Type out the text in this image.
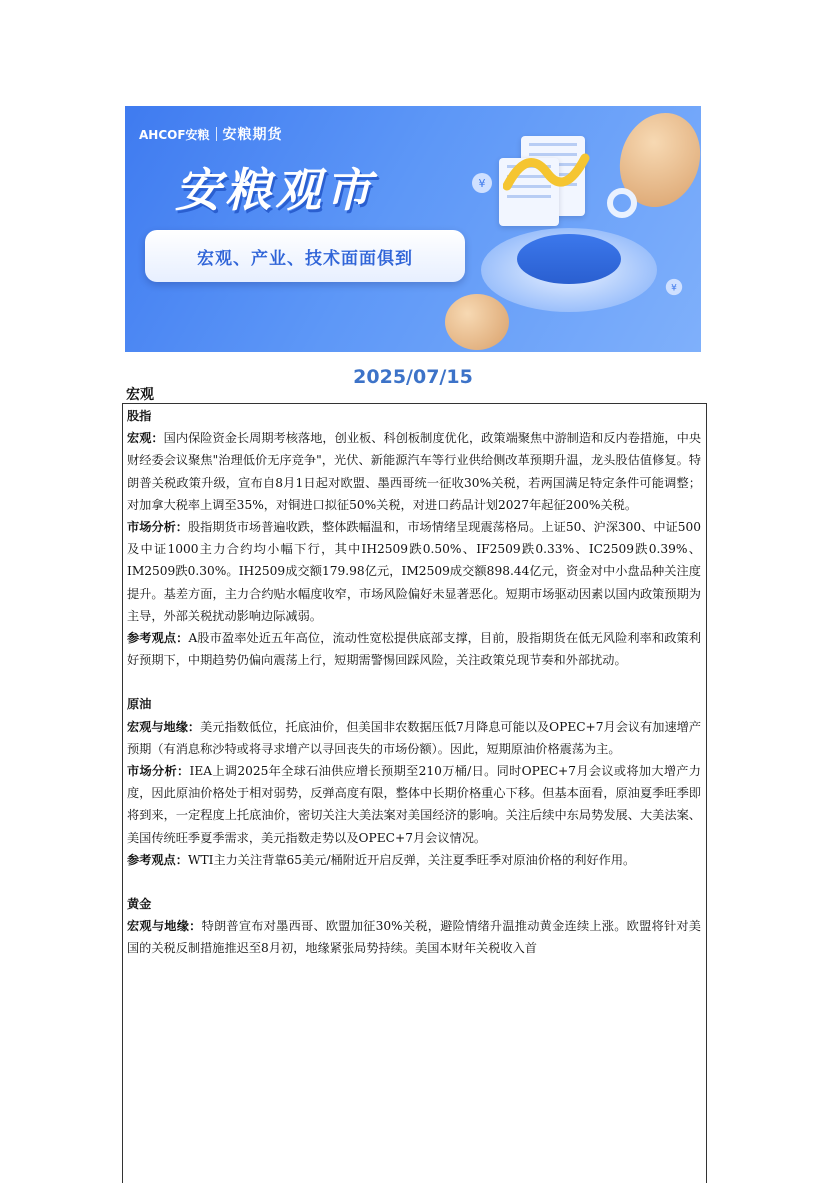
AHCOF安粮 安粮期货
安粮观市
宏观、产业、技术面面俱到
¥
¥
2025/07/15
宏观

股指

宏观：国内保险资金长周期考核落地，创业板、科创板制度优化，政策端聚焦中游制造和反内卷措施，中央财经委会议聚焦"治理低价无序竞争"，光伏、新能源汽车等行业供给侧改革预期升温，龙头股估值修复。特朗普关税政策升级，宣布自8月1日起对欧盟、墨西哥统一征收30%关税，若两国满足特定条件可能调整；对加拿大税率上调至35%，对铜进口拟征50%关税，对进口药品计划2027年起征200%关税。

市场分析：股指期货市场普遍收跌，整体跌幅温和，市场情绪呈现震荡格局。上证50、沪深300、中证500及中证1000主力合约均小幅下行，其中IH2509跌0.50%、IF2509跌0.33%、IC2509跌0.39%、IM2509跌0.30%。IH2509成交额179.98亿元，IM2509成交额898.44亿元，资金对中小盘品种关注度提升。基差方面，主力合约贴水幅度收窄，市场风险偏好未显著恶化。短期市场驱动因素以国内政策预期为主导，外部关税扰动影响边际减弱。

参考观点：A股市盈率处近五年高位，流动性宽松提供底部支撑，目前，股指期货在低无风险利率和政策利好预期下，中期趋势仍偏向震荡上行，短期需警惕回踩风险，关注政策兑现节奏和外部扰动。

原油

宏观与地缘：美元指数低位，托底油价，但美国非农数据压低7月降息可能以及OPEC+7月会议有加速增产预期（有消息称沙特或将寻求增产以寻回丧失的市场份额）。因此，短期原油价格震荡为主。

市场分析：IEA上调2025年全球石油供应增长预期至210万桶/日。同时OPEC+7月会议或将加大增产力度，因此原油价格处于相对弱势，反弹高度有限，整体中长期价格重心下移。但基本面看，原油夏季旺季即将到来，一定程度上托底油价，密切关注大美法案对美国经济的影响。关注后续中东局势发展、大美法案、美国传统旺季夏季需求，美元指数走势以及OPEC+7月会议情况。

参考观点：WTI主力关注背靠65美元/桶附近开启反弹，关注夏季旺季对原油价格的利好作用。

黄金

宏观与地缘：特朗普宣布对墨西哥、欧盟加征30%关税，避险情绪升温推动黄金连续上涨。欧盟将针对美国的关税反制措施推迟至8月初，地缘紧张局势持续。美国本财年关税收入首
